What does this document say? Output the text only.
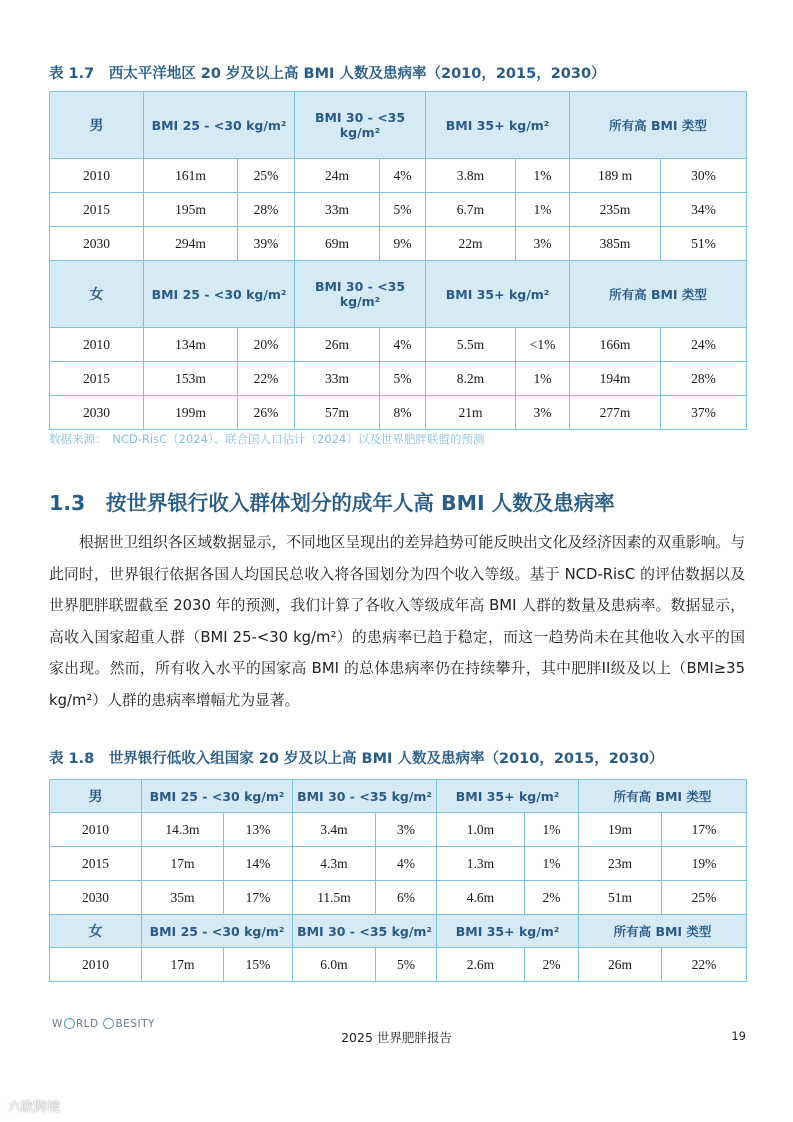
表 1.7　西太平洋地区 20 岁及以上高 BMI 人数及患病率（2010，2015，2030）
男	BMI 25 - <30 kg/m²		BMI 30 - <35 kg/m²		BMI 35+ kg/m²		所有高 BMI 类型	
2010	161m	25%	24m	4%	3.8m	1%	189 m	30%
2015	195m	28%	33m	5%	6.7m	1%	235m	34%
2030	294m	39%	69m	9%	22m	3%	385m	51%
女	BMI 25 - <30 kg/m²		BMI 30 - <35 kg/m²		BMI 35+ kg/m²		所有高 BMI 类型	
2010	134m	20%	26m	4%	5.5m	<1%	166m	24%
2015	153m	22%	33m	5%	8.2m	1%	194m	28%
2030	199m	26%	57m	8%	21m	3%	277m	37%
数据来源：　NCD-RisC（2024）、联合国人口估计（2024）以及世界肥胖联盟的预测
1.3　按世界银行收入群体划分的成年人高 BMI 人数及患病率

根据世卫组织各区域数据显示，不同地区呈现出的差异趋势可能反映出文化及经济因素的双重影响。与此同时，世界银行依据各国人均国民总收入将各国划分为四个收入等级。基于 NCD-RisC 的评估数据以及世界肥胖联盟截至 2030 年的预测，我们计算了各收入等级成年高 BMI 人群的数量及患病率。数据显示，高收入国家超重人群（BMI 25-<30 kg/m²）的患病率已趋于稳定，而这一趋势尚未在其他收入水平的国家出现。然而，所有收入水平的国家高 BMI 的总体患病率仍在持续攀升，其中肥胖II级及以上（BMI≥35 kg/m²）人群的患病率增幅尤为显著。

表 1.8　世界银行低收入组国家 20 岁及以上高 BMI 人数及患病率（2010，2015，2030）
男	BMI 25 - <30 kg/m²		BMI 30 - <35 kg/m²		BMI 35+ kg/m²		所有高 BMI 类型	
2010	14.3m	13%	3.4m	3%	1.0m	1%	19m	17%
2015	17m	14%	4.3m	4%	1.3m	1%	23m	19%
2030	35m	17%	11.5m	6%	4.6m	2%	51m	25%
女	BMI 25 - <30 kg/m²		BMI 30 - <35 kg/m²		BMI 35+ kg/m²		所有高 BMI 类型	
2010	17m	15%	6.0m	5%	2.6m	2%	26m	22%
W RLD BESITY
2025 世界肥胖报告	19
六欧跨境
